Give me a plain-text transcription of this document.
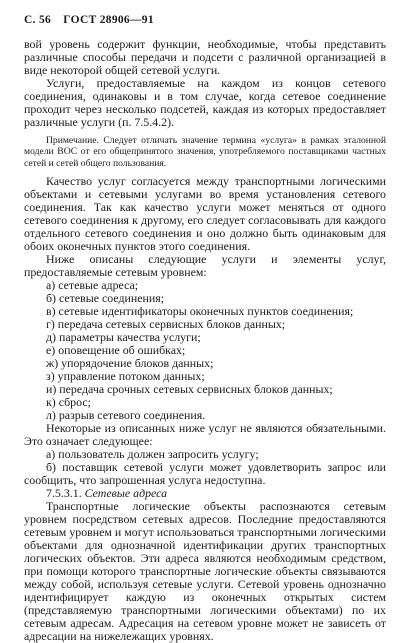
С. 56 ГОСТ 28906—91

вой уровень содержит функции, необходимые, чтобы представить различные способы передачи и подсети с различной организацией в виде некоторой общей сетевой услуги.

Услуги, предоставляемые на каждом из концов сетевого соединения, одинаковы и в том случае, когда сетевое соединение проходит через несколько подсетей, каждая из которых предоставляет различные услуги (п. 7.5.4.2).

Примечание. Следует отличать значение термина «услуга» в рамках эталонной модели ВОС от его общепринятого значения, употребляемого поставщиками частных сетей и сетей общего пользования.

Качество услуг согласуется между транспортными логическими объектами и сетевыми услугами во время установления сетевого соединения. Так как качество услуги может меняться от одного сетевого соединения к другому, его следует согласовывать для каждого отдельного сетевого соединения и оно должно быть одинаковым для обоих оконечных пунктов этого соединения.

Ниже описаны следующие услуги и элементы услуг, предоставляемые сетевым уровнем:

а) сетевые адреса;

б) сетевые соединения;

в) сетевые идентификаторы оконечных пунктов соединения;

г) передача сетевых сервисных блоков данных;

д) параметры качества услуги;

е) оповещение об ошибках;

ж) упорядочение блоков данных;

з) управление потоком данных;

и) передача срочных сетевых сервисных блоков данных;

к) сброс;

л) разрыв сетевого соединения.

Некоторые из описанных ниже услуг не являются обязательными. Это означает следующее:

а) пользователь должен запросить услугу;

б) поставщик сетевой услуги может удовлетворить запрос или сообщить, что запрошенная услуга недоступна.

7.5.3.1. Сетевые адреса

Транспортные логические объекты распознаются сетевым уровнем посредством сетевых адресов. Последние предоставляются сетевым уровнем и могут использоваться транспортными логическими объектами для однозначной идентификации других транспортных логических объектов. Эти адреса являются необходимым средством, при помощи которого транспортные логические объекты связываются между собой, используя сетевые услуги. Сетевой уровень однозначно идентифицирует каждую из оконечных открытых систем (представляемую транспортными логическими объектами) по их сетевым адресам. Адресация на сетевом уровне может не зависеть от адресации на нижележащих уровнях.
